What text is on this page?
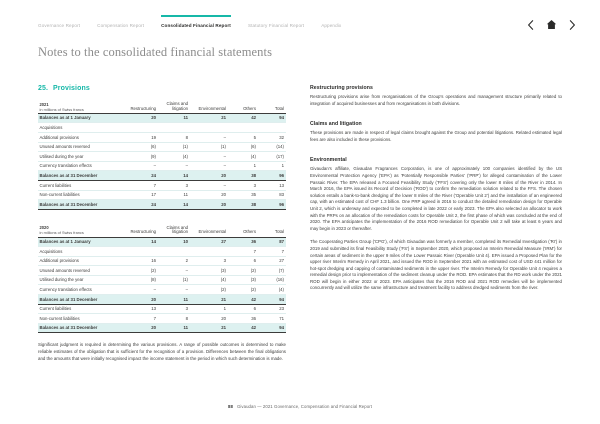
Governance Report	Compensation Report	Consolidated Financial Report	Statutory Financial Report	Appendix
Notes to the consolidated financial statements
25. Provisions
2021
in millions of Swiss francs	Restructuring	Claims and litigation	Environmental	Others	Total

Balances as at 1 January	20	11	21	42	94
Acquisitions					
Additional provisions	19	8	–	5	32
Unused amounts reversed	(6)	(1)	(1)	(6)	(14)
Utilised during the year	(9)	(4)	–	(4)	(17)
Currency translation effects	–	–	–	1	1
Balances as at 31 December	24	14	20	38	96
Current liabilities	7	3	–	3	13
Non-current liabilities	17	11	20	35	83
Balances as at 31 December	24	14	20	38	96
2020
in millions of Swiss francs	Restructuring	Claims and litigation	Environmental	Others	Total

Balances as at 1 January	14	10	27	36	87
Acquisitions				7	7
Additional provisions	16	2	3	6	27
Unused amounts reversed	(2)	–	(3)	(2)	(7)
Utilised during the year	(8)	(1)	(4)	(3)	(16)
Currency translation effects	–	–	(2)	(2)	(4)
Balances as at 31 December	20	11	21	42	94
Current liabilities	13	3	1	6	23
Non-current liabilities	7	8	20	36	71
Balances as at 31 December	20	11	21	42	94

Significant judgment is required in determining the various provisions. A range of possible outcomes is determined to make reliable estimates of the obligation that is sufficient for the recognition of a provision. Differences between the final obligations and the amounts that were initially recognised impact the income statement in the period in which such determination is made.

Restructuring provisions

Restructuring provisions arise from reorganisations of the Group's operations and management structure primarily related to integration of acquired businesses and from reorganisations in both divisions.

Claims and litigation

These provisions are made in respect of legal claims brought against the Group and potential litigations. Related estimated legal fees are also included in these provisions.

Environmental

Givaudan's affiliate, Givaudan Fragrances Corporation, is one of approximately 100 companies identified by the US Environmental Protection Agency ('EPA') as 'Potentially Responsible Parties' ('PRP') for alleged contamination of the Lower Passaic River. The EPA released a Focused Feasibility Study ('FFS') covering only the lower 8 miles of the River in 2014. In March 2016, the EPA issued its Record of Decision ('ROD') to confirm the remediation solution related to the FFS. The chosen solution entails a bank-to-bank dredging of the lower 8 miles of the River ('Operable Unit 2') and the installation of an engineered cap, with an estimated cost of CHF 1.3 billion. One PRP agreed in 2016 to conduct the detailed remediation design for Operable Unit 2, which is underway and expected to be completed in late 2022 or early 2023. The EPA also selected an allocator to work with the PRPs on an allocation of the remediation costs for Operable Unit 2, the first phase of which was concluded at the end of 2020. The EPA anticipates the implementation of the 2016 ROD remediation for Operable Unit 2 will take at least 6 years and may begin in 2023 or thereafter.

The Cooperating Parties Group ('CPG'), of which Givaudan was formerly a member, completed its Remedial Investigation ('RI') in 2019 and submitted its final Feasibility Study ('FS') in September 2020, which proposed an Interim Remedial Measure ('IRM') for certain areas of sediment in the upper 9 miles of the Lower Passaic River (Operable Unit 4). EPA issued a Proposed Plan for the upper river Interim Remedy in April 2021, and issued the ROD in September 2021 with an estimated cost of USD 441 million for hot-spot dredging and capping of contaminated sediments in the upper river. The Interim Remedy for Operable Unit 4 requires a remedial design prior to implementation of the sediment cleanup under the ROD. EPA estimates that the RD work under the 2021 ROD will begin in either 2022 or 2023. EPA anticipates that the 2016 ROD and 2021 ROD remedies will be implemented concurrently and will utilize the same infrastructure and treatment facility to address dredged sediments from the river.

88 Givaudan — 2021 Governance, Compensation and Financial Report
